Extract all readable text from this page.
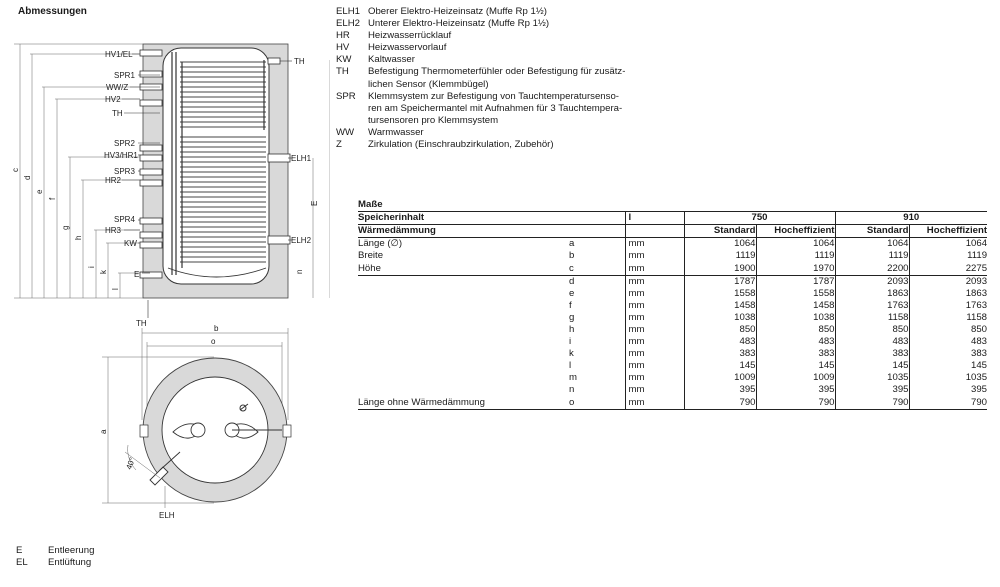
Abmessungen
HV1/EL
SPR1
WW/Z
HV2
TH
SPR2
HV3/HR1
SPR3
HR2
SPR4
HR3
KW
E
TH
TH
ELH1
ELH2
c
d
e
f
g
h
i
k
l
n
E
b
o
a
40°
ELH
ELH1 Oberer Elektro-Heizeinsatz (Muffe Rp 1½)
ELH2 Unterer Elektro-Heizeinsatz (Muffe Rp 1½)
HR	Heizwasserrücklauf
HV	Heizwasservorlauf
KW	Kaltwasser
TH	Befestigung Thermometerfühler oder Befestigung für zusätz-
lichen Sensor (Klemmbügel)
SPR	Klemmsystem zur Befestigung von Tauchtemperatursenso-
ren am Speichermantel mit Aufnahmen für 3 Tauchtempera-
tursensoren pro Klemmsystem
WW	Warmwasser
Z	Zirkulation (Einschraubzirkulation, Zubehör)
E	Entleerung
EL	Entlüftung
Maße						
Speicherinhalt		l	750		910	
Wärmedämmung			Standard	Hocheffizient	Standard	Hocheffizient
Länge (∅)	a	mm	1064	1064	1064	1064
Breite	b	mm	1119	1119	1119	1119
Höhe	c	mm	1900	1970	2200	2275
	d	mm	1787	1787	2093	2093
	e	mm	1558	1558	1863	1863
	f	mm	1458	1458	1763	1763
	g	mm	1038	1038	1158	1158
	h	mm	850	850	850	850
	i	mm	483	483	483	483
	k	mm	383	383	383	383
	l	mm	145	145	145	145
	m	mm	1009	1009	1035	1035
	n	mm	395	395	395	395
Länge ohne Wärmedämmung	o	mm	790	790	790	790
